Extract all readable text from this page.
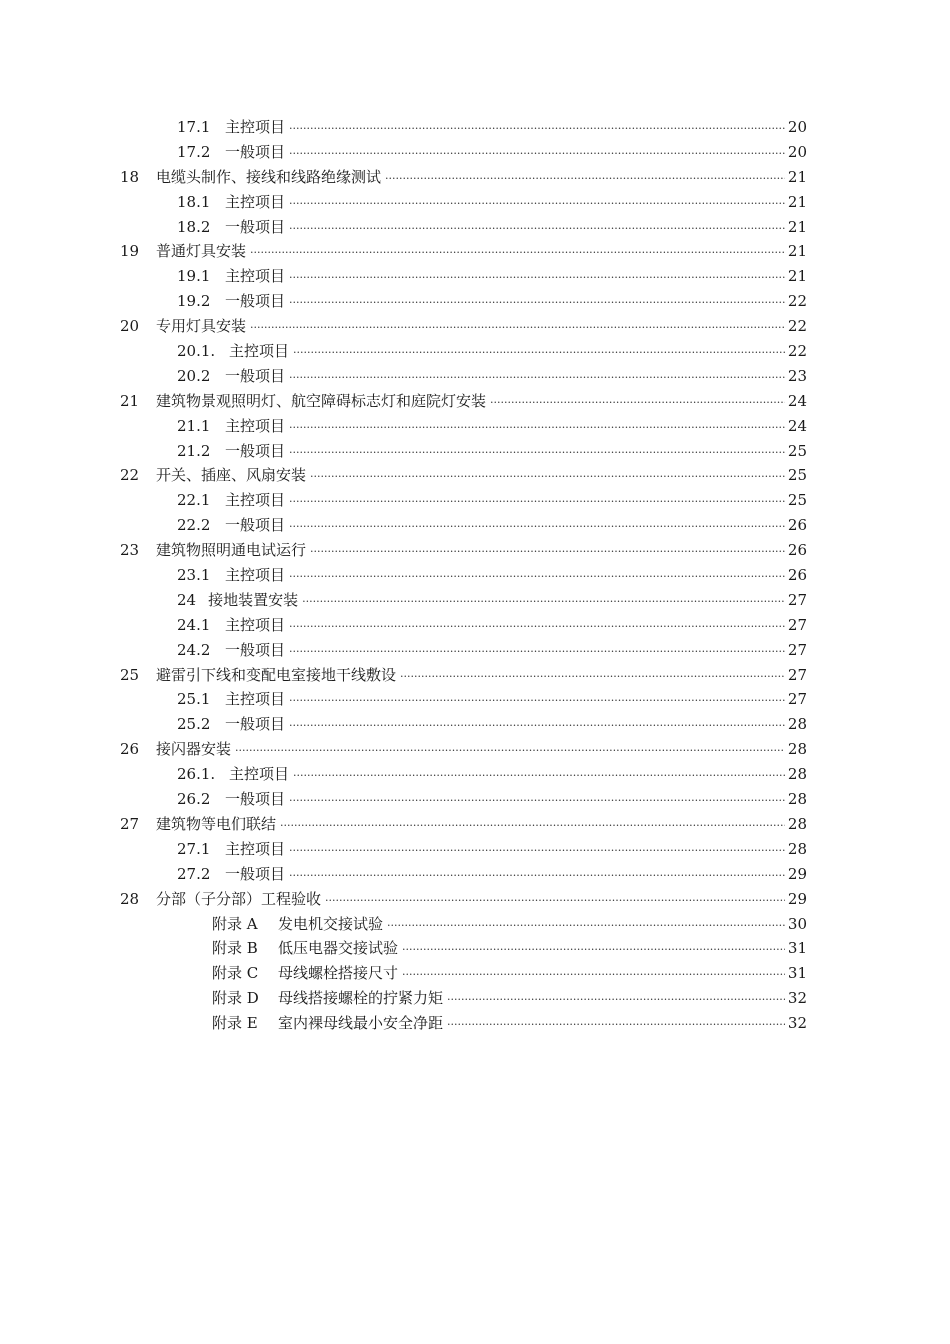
17.1 主控项目 .....	20
17.2 一般项目 .....	20
18	电缆头制作、接线和线路绝缘测试 .....	21
18.1 主控项目 .....	21
18.2 一般项目 .....	21
19	普通灯具安装 .....	21
19.1 主控项目 .....	21
19.2 一般项目 .....	22
20	专用灯具安装 .....	22
20.1. 主控项目 .....	22
20.2 一般项目 .....	23
21	建筑物景观照明灯、航空障碍标志灯和庭院灯安装 .....	24
21.1 主控项目 .....	24
21.2 一般项目 .....	25
22	开关、插座、风扇安装 .....	25
22.1 主控项目 .....	25
22.2 一般项目 .....	26
23	建筑物照明通电试运行 .....	26
23.1 主控项目 .....	26
24 接地装置安装 .....	27
24.1 主控项目 .....	27
24.2 一般项目 .....	27
25	避雷引下线和变配电室接地干线敷设 .....	27
25.1 主控项目 .....	27
25.2 一般项目 .....	28
26	接闪器安装 .....	28
26.1. 主控项目 .....	28
26.2 一般项目 .....	28
27	建筑物等电们联结 .....	28
27.1 主控项目 .....	28
27.2 一般项目 .....	29
28	分部（子分部）工程验收 .....	29
附录 A	发电机交接试验 .....	30
附录 B	低压电器交接试验 .....	31
附录 C	母线螺栓搭接尺寸 .....	31
附录 D	母线搭接螺栓的拧紧力矩 .....	32
附录 E	室内裸母线最小安全净距 .....	32
